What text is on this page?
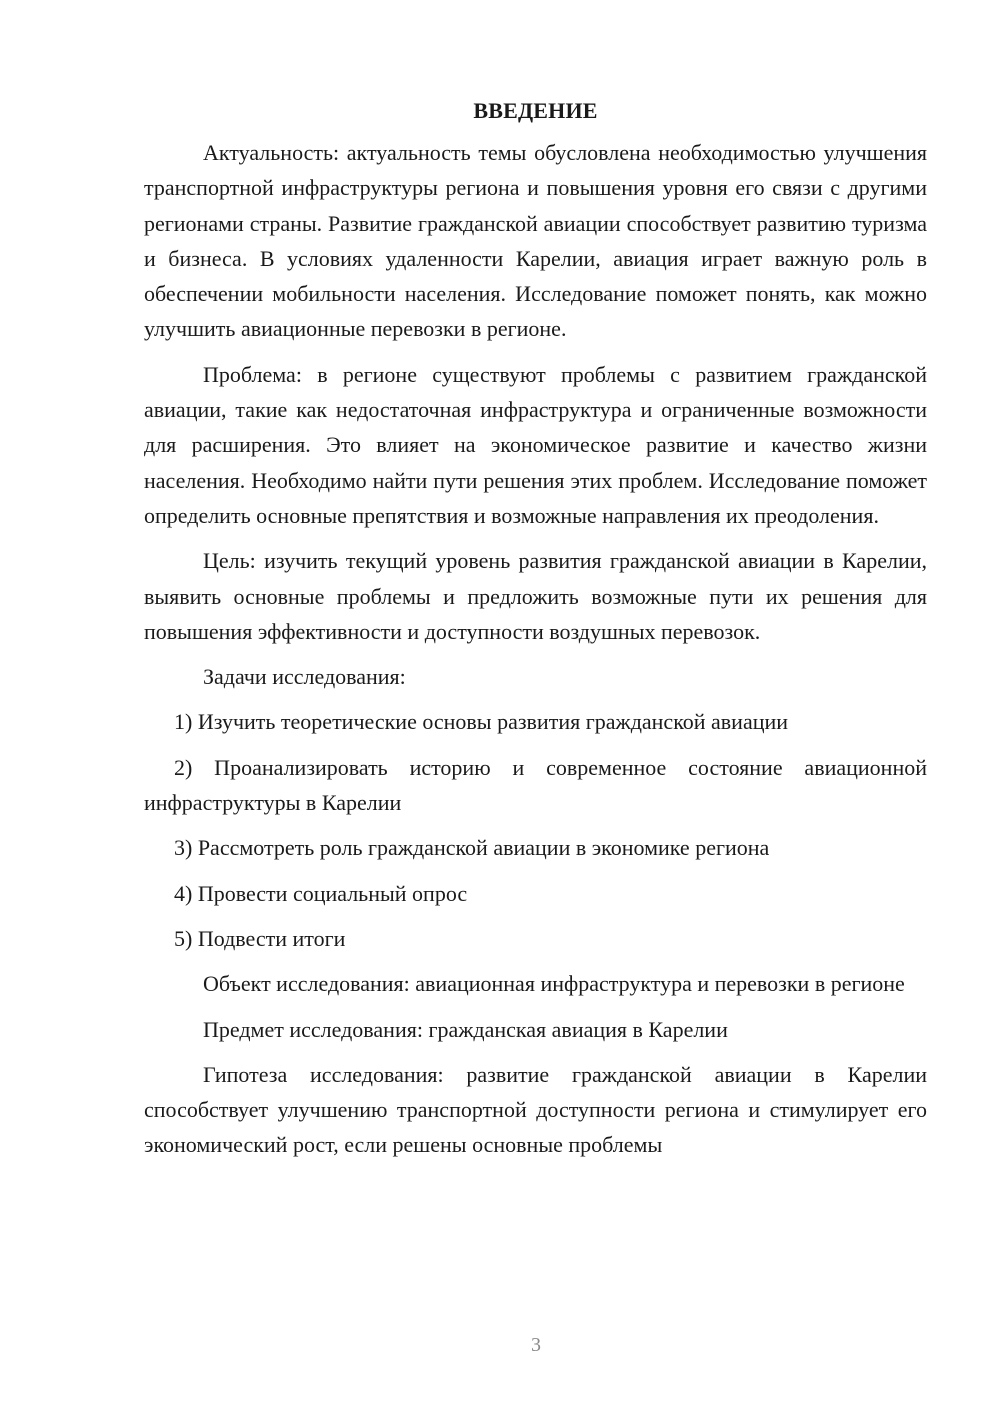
ВВЕДЕНИЕ

Актуальность: актуальность темы обусловлена необходимостью улучшения транспортной инфраструктуры региона и повышения уровня его связи с другими регионами страны. Развитие гражданской авиации способствует развитию туризма и бизнеса. В условиях удаленности Карелии, авиация играет важную роль в обеспечении мобильности населения. Исследование поможет понять, как можно улучшить авиационные перевозки в регионе.

Проблема: в регионе существуют проблемы с развитием гражданской авиации, такие как недостаточная инфраструктура и ограниченные возможности для расширения. Это влияет на экономическое развитие и качество жизни населения. Необходимо найти пути решения этих проблем. Исследование поможет определить основные препятствия и возможные направления их преодоления.

Цель: изучить текущий уровень развития гражданской авиации в Карелии, выявить основные проблемы и предложить возможные пути их решения для повышения эффективности и доступности воздушных перевозок.

Задачи исследования:

1) Изучить теоретические основы развития гражданской авиации

2) Проанализировать историю и современное состояние авиационной инфраструктуры в Карелии

3) Рассмотреть роль гражданской авиации в экономике региона

4) Провести социальный опрос

5) Подвести итоги

Объект исследования: авиационная инфраструктура и перевозки в регионе

Предмет исследования: гражданская авиация в Карелии

Гипотеза исследования: развитие гражданской авиации в Карелии способствует улучшению транспортной доступности региона и стимулирует его экономический рост, если решены основные проблемы

3
